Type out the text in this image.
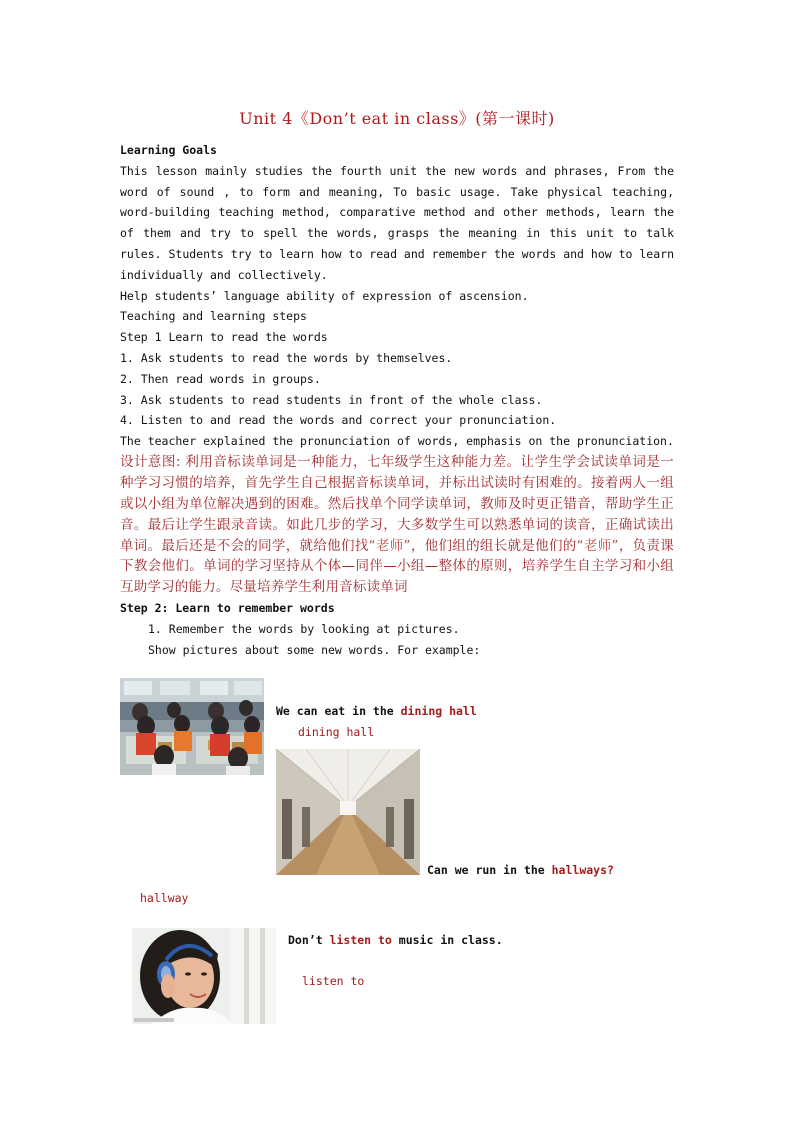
Unit 4《Don’t eat in class》(第一课时)
Learning Goals
This lesson mainly studies the fourth unit the new words and phrases, From the
word of sound , to form and meaning, To basic usage. Take physical teaching,
word-building teaching method, comparative method and other methods, learn the
of them and try to spell the words, grasps the meaning in this unit to talk
rules. Students try to learn how to read and remember the words and how to learn
individually and collectively.
Help students’ language ability of expression of ascension.
Teaching and learning steps
Step 1 Learn to read the words
1. Ask students to read the words by themselves.
2. Then read words in groups.
3. Ask students to read students in front of the whole class.
4. Listen to and read the words and correct your pronunciation.
The teacher explained the pronunciation of words, emphasis on the pronunciation.
设计意图: 利用音标读单词是一种能力，七年级学生这种能力差。让学生学会试读单词是一种学习习惯的培养，首先学生自己根据音标读单词，并标出试读时有困难的。接着两人一组或以小组为单位解决遇到的困难。然后找单个同学读单词，教师及时更正错音，帮助学生正音。最后让学生跟录音读。如此几步的学习，大多数学生可以熟悉单词的读音，正确试读出单词。最后还是不会的同学，就给他们找“老师”，他们组的组长就是他们的“老师”，负责课下教会他们。单词的学习坚持从个体—同伴—小组—整体的原则，培养学生自主学习和小组互助学习的能力。尽量培养学生利用音标读单词
Step 2: Learn to remember words
1. Remember the words by looking at pictures.
Show pictures about some new words. For example:
We can eat in the dining hall
dining hall
Can we run in the hallways?
hallway
Don’t listen to music in class.
listen to
